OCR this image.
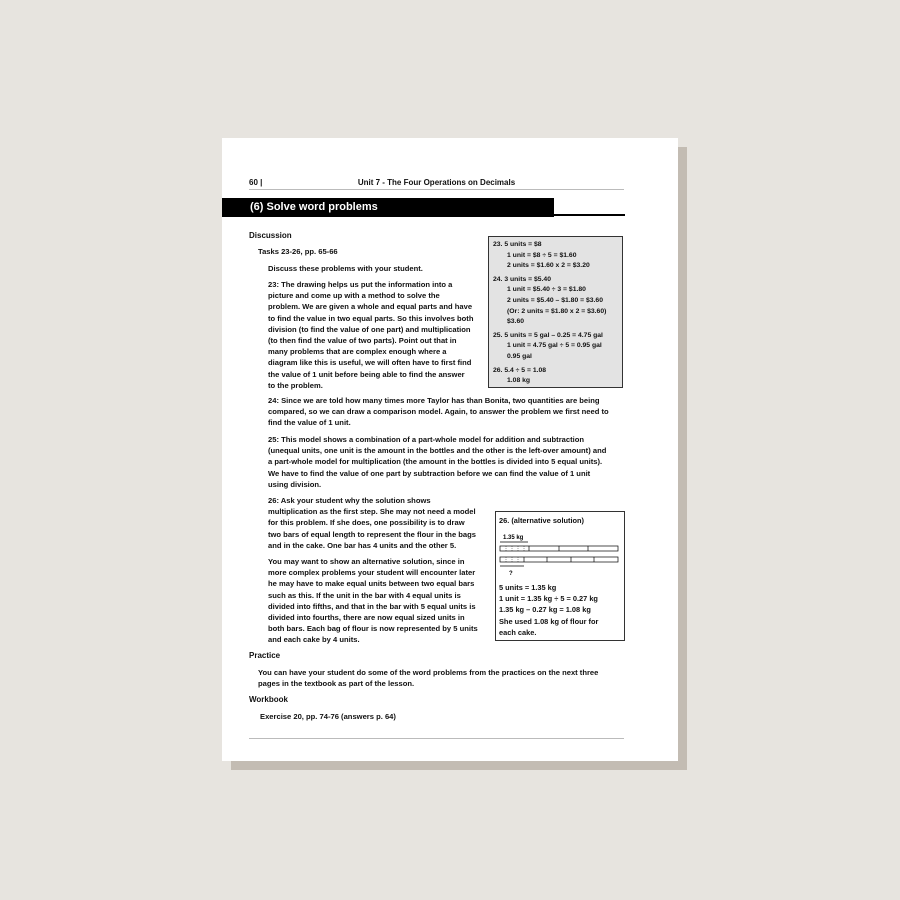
60 |	Unit 7 - The Four Operations on Decimals
(6) Solve word problems
Discussion
Tasks 23-26, pp. 65-66
Discuss these problems with your student.
23: The drawing helps us put the information into a
picture and come up with a method to solve the
problem. We are given a whole and equal parts and have
to find the value in two equal parts. So this involves both
division (to find the value of one part) and multiplication
(to then find the value of two parts). Point out that in
many problems that are complex enough where a
diagram like this is useful, we will often have to first find
the value of 1 unit before being able to find the answer
to the problem.
23. 5 units = $8
1 unit = $8 ÷ 5 = $1.60
2 units = $1.60 x 2 = $3.20
24. 3 units = $5.40
1 unit = $5.40 ÷ 3 = $1.80
2 units = $5.40 – $1.80 = $3.60
(Or: 2 units = $1.80 x 2 = $3.60)
$3.60
25. 5 units = 5 gal – 0.25 = 4.75 gal
1 unit = 4.75 gal ÷ 5 = 0.95 gal
0.95 gal
26. 5.4 ÷ 5 = 1.08
1.08 kg
24: Since we are told how many times more Taylor has than Bonita, two quantities are being
compared, so we can draw a comparison model. Again, to answer the problem we first need to
find the value of 1 unit.
25: This model shows a combination of a part-whole model for addition and subtraction
(unequal units, one unit is the amount in the bottles and the other is the left-over amount) and
a part-whole model for multiplication (the amount in the bottles is divided into 5 equal units).
We have to find the value of one part by subtraction before we can find the value of 1 unit
using division.
26: Ask your student why the solution shows
multiplication as the first step. She may not need a model
for this problem. If she does, one possibility is to draw
two bars of equal length to represent the flour in the bags
and in the cake. One bar has 4 units and the other 5.
You may want to show an alternative solution, since in
more complex problems your student will encounter later
he may have to make equal units between two equal bars
such as this. If the unit in the bar with 4 equal units is
divided into fifths, and that in the bar with 5 equal units is
divided into fourths, there are now equal sized units in
both bars. Each bag of flour is now represented by 5 units
and each cake by 4 units.
26. (alternative solution)
1.35 kg
?
5 units = 1.35 kg
1 unit = 1.35 kg ÷ 5 = 0.27 kg
1.35 kg – 0.27 kg = 1.08 kg
She used 1.08 kg of flour for
each cake.
Practice
You can have your student do some of the word problems from the practices on the next three
pages in the textbook as part of the lesson.
Workbook
Exercise 20, pp. 74-76 (answers p. 64)
